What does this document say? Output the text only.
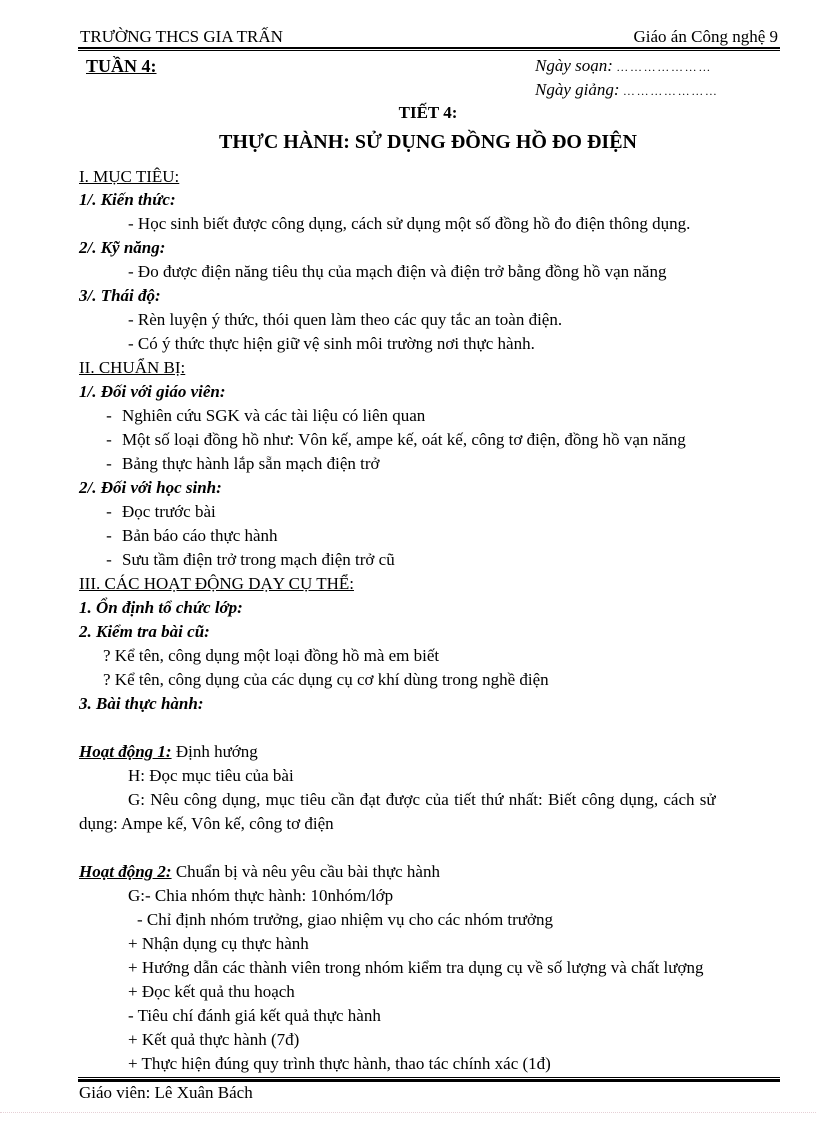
TRƯỜNG THCS GIA TRẤN	Giáo án Công nghệ 9
TUẦN 4:	Ngày soạn: … … … … … … …
Ngày giảng: … … … … … … …
TIẾT 4:
THỰC HÀNH: SỬ DỤNG ĐỒNG HỒ ĐO ĐIỆN
I. MỤC TIÊU:
1/. Kiến thức:
- Học sinh biết được công dụng, cách sử dụng một số đồng hồ đo điện thông dụng.
2/. Kỹ năng:
- Đo được điện năng tiêu thụ của mạch điện và điện trở bằng đồng hồ vạn năng
3/. Thái độ:
- Rèn luyện ý thức, thói quen làm theo các quy tắc an toàn điện.
- Có ý thức thực hiện giữ vệ sinh môi trường nơi thực hành.
II. CHUẨN BỊ:
1/. Đối với giáo viên:
- Nghiên cứu SGK và các tài liệu có liên quan
- Một số loại đồng hồ như: Vôn kế, ampe kế, oát kế, công tơ điện, đồng hồ vạn năng
- Bảng thực hành lắp sẵn mạch điện trở
2/. Đối với học sinh:
- Đọc trước bài
- Bản báo cáo thực hành
- Sưu tầm điện trở trong mạch điện trở cũ
III. CÁC HOẠT ĐỘNG DẠY CỤ THỂ:
1. Ổn định tổ chức lớp:
2. Kiểm tra bài cũ:
? Kể tên, công dụng một loại đồng hồ mà em biết
? Kể tên, công dụng của các dụng cụ cơ khí dùng trong nghề điện
3. Bài thực hành:
Hoạt động 1: Định hướng
H: Đọc mục tiêu của bài
G: Nêu công dụng, mục tiêu cần đạt được của tiết thứ nhất: Biết công dụng, cách sử
dụng: Ampe kế, Vôn kế, công tơ điện
Hoạt động 2: Chuẩn bị và nêu yêu cầu bài thực hành
G:- Chia nhóm thực hành: 10nhóm/lớp
- Chỉ định nhóm trưởng, giao nhiệm vụ cho các nhóm trưởng
+ Nhận dụng cụ thực hành
+ Hướng dẫn các thành viên trong nhóm kiểm tra dụng cụ về số lượng và chất lượng
+ Đọc kết quả thu hoạch
- Tiêu chí đánh giá kết quả thực hành
+ Kết quả thực hành (7đ)
+ Thực hiện đúng quy trình thực hành, thao tác chính xác (1đ)
Giáo viên: Lê Xuân Bách
